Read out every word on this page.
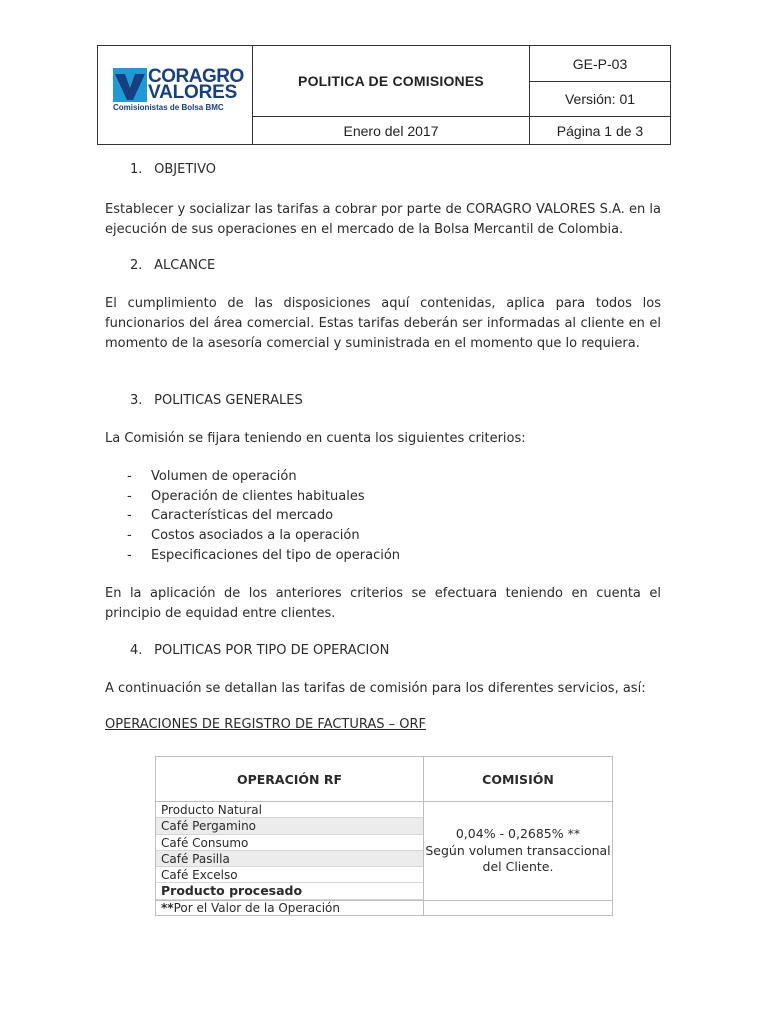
CORAGRO
VALORES
Comisionistas de Bolsa BMC
POLITICA DE COMISIONES
Enero del 2017
GE-P-03
Versión: 01
Página 1 de 3
1. OBJETIVO
Establecer y socializar las tarifas a cobrar por parte de CORAGRO VALORES S.A. en la ejecución de sus operaciones en el mercado de la Bolsa Mercantil de Colombia.
2. ALCANCE
El cumplimiento de las disposiciones aquí contenidas, aplica para todos los funcionarios del área comercial. Estas tarifas deberán ser informadas al cliente en el momento de la asesoría comercial y suministrada en el momento que lo requiera.
3. POLITICAS GENERALES
La Comisión se fijara teniendo en cuenta los siguientes criterios:
- Volumen de operación
- Operación de clientes habituales
- Características del mercado
- Costos asociados a la operación
- Especificaciones del tipo de operación
En la aplicación de los anteriores criterios se efectuara teniendo en cuenta el principio de equidad entre clientes.
4. POLITICAS POR TIPO DE OPERACION
A continuación se detallan las tarifas de comisión para los diferentes servicios, así:
OPERACIONES DE REGISTRO DE FACTURAS – ORF
OPERACIÓN RF	COMISIÓN
Producto Natural
Café Pergamino
Café Consumo
Café Pasilla
Café Excelso
Producto procesado
0,04% - 0,2685% **
Según volumen transaccional
del Cliente.
**Por el Valor de la Operación
